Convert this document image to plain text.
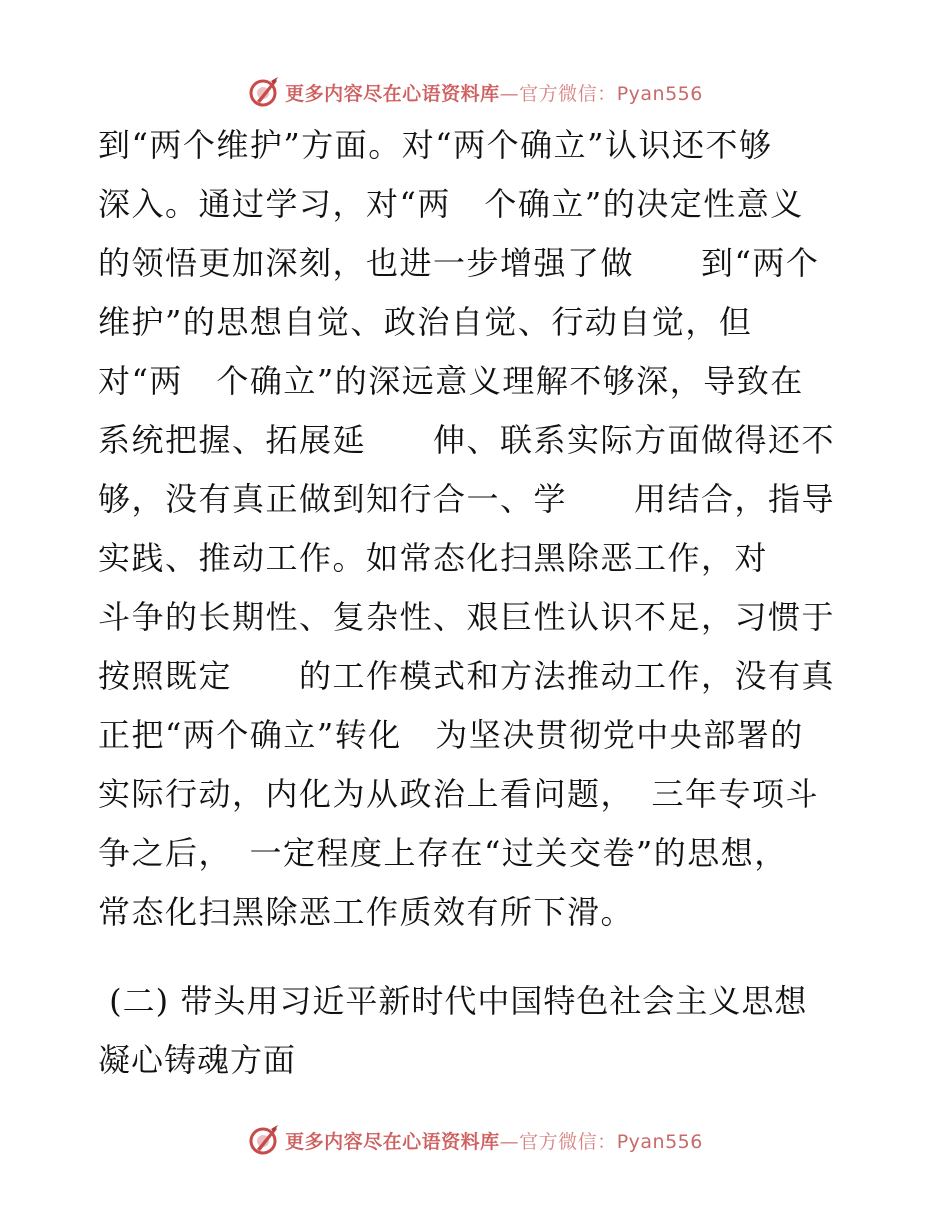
更多内容尽在心语资料库—官方微信：Pyan556
到“两个维护”方面。对“两个确立”认识还不够
深入。通过学习，对“两　个确立”的决定性意义
的领悟更加深刻，也进一步增强了做　　到“两个
维护”的思想自觉、政治自觉、行动自觉，但
对“两　个确立”的深远意义理解不够深，导致在
系统把握、拓展延　　伸、联系实际方面做得还不
够，没有真正做到知行合一、学　　用结合，指导
实践、推动工作。如常态化扫黑除恶工作，对
斗争的长期性、复杂性、艰巨性认识不足，习惯于
按照既定　　的工作模式和方法推动工作，没有真
正把“两个确立”转化　为坚决贯彻党中央部署的
实际行动，内化为从政治上看问题，　三年专项斗
争之后，　一定程度上存在“过关交卷”的思想，
常态化扫黑除恶工作质效有所下滑。
(二) 带头用习近平新时代中国特色社会主义思想
凝心铸魂方面
更多内容尽在心语资料库—官方微信：Pyan556
